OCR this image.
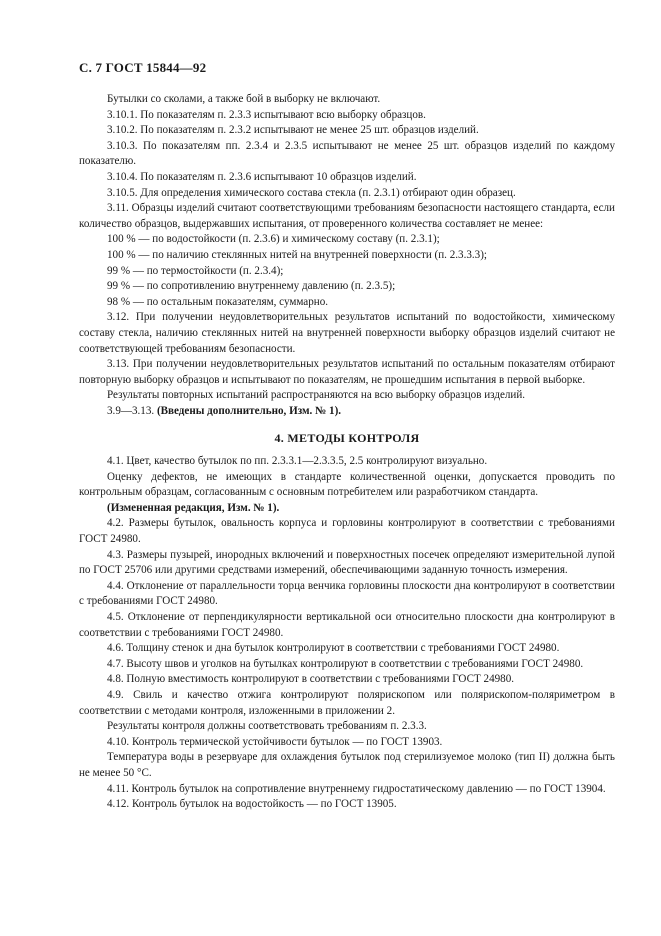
С. 7 ГОСТ 15844—92

Бутылки со сколами, а также бой в выборку не включают.

3.10.1. По показателям п. 2.3.3 испытывают всю выборку образцов.

3.10.2. По показателям п. 2.3.2 испытывают не менее 25 шт. образцов изделий.

3.10.3. По показателям пп. 2.3.4 и 2.3.5 испытывают не менее 25 шт. образцов изделий по каждому показателю.

3.10.4. По показателям п. 2.3.6 испытывают 10 образцов изделий.

3.10.5. Для определения химического состава стекла (п. 2.3.1) отбирают один образец.

3.11. Образцы изделий считают соответствующими требованиям безопасности настоящего стандарта, если количество образцов, выдержавших испытания, от проверенного количества составляет не менее:

100 % — по водостойкости (п. 2.3.6) и химическому составу (п. 2.3.1);

100 % — по наличию стеклянных нитей на внутренней поверхности (п. 2.3.3.3);

99 % — по термостойкости (п. 2.3.4);

99 % — по сопротивлению внутреннему давлению (п. 2.3.5);

98 % — по остальным показателям, суммарно.

3.12. При получении неудовлетворительных результатов испытаний по водостойкости, химическому составу стекла, наличию стеклянных нитей на внутренней поверхности выборку образцов изделий считают не соответствующей требованиям безопасности.

3.13. При получении неудовлетворительных результатов испытаний по остальным показателям отбирают повторную выборку образцов и испытывают по показателям, не прошедшим испытания в первой выборке.

Результаты повторных испытаний распространяются на всю выборку образцов изделий.

3.9—3.13. (Введены дополнительно, Изм. № 1).

4. МЕТОДЫ КОНТРОЛЯ

4.1. Цвет, качество бутылок по пп. 2.3.3.1—2.3.3.5, 2.5 контролируют визуально.

Оценку дефектов, не имеющих в стандарте количественной оценки, допускается проводить по контрольным образцам, согласованным с основным потребителем или разработчиком стандарта.

(Измененная редакция, Изм. № 1).

4.2. Размеры бутылок, овальность корпуса и горловины контролируют в соответствии с требованиями ГОСТ 24980.

4.3. Размеры пузырей, инородных включений и поверхностных посечек определяют измерительной лупой по ГОСТ 25706 или другими средствами измерений, обеспечивающими заданную точность измерения.

4.4. Отклонение от параллельности торца венчика горловины плоскости дна контролируют в соответствии с требованиями ГОСТ 24980.

4.5. Отклонение от перпендикулярности вертикальной оси относительно плоскости дна контролируют в соответствии с требованиями ГОСТ 24980.

4.6. Толщину стенок и дна бутылок контролируют в соответствии с требованиями ГОСТ 24980.

4.7. Высоту швов и уголков на бутылках контролируют в соответствии с требованиями ГОСТ 24980.

4.8. Полную вместимость контролируют в соответствии с требованиями ГОСТ 24980.

4.9. Свиль и качество отжига контролируют полярископом или полярископом-поляриметром в соответствии с методами контроля, изложенными в приложении 2.

Результаты контроля должны соответствовать требованиям п. 2.3.3.

4.10. Контроль термической устойчивости бутылок — по ГОСТ 13903.

Температура воды в резервуаре для охлаждения бутылок под стерилизуемое молоко (тип II) должна быть не менее 50 °С.

4.11. Контроль бутылок на сопротивление внутреннему гидростатическому давлению — по ГОСТ 13904.

4.12. Контроль бутылок на водостойкость — по ГОСТ 13905.
